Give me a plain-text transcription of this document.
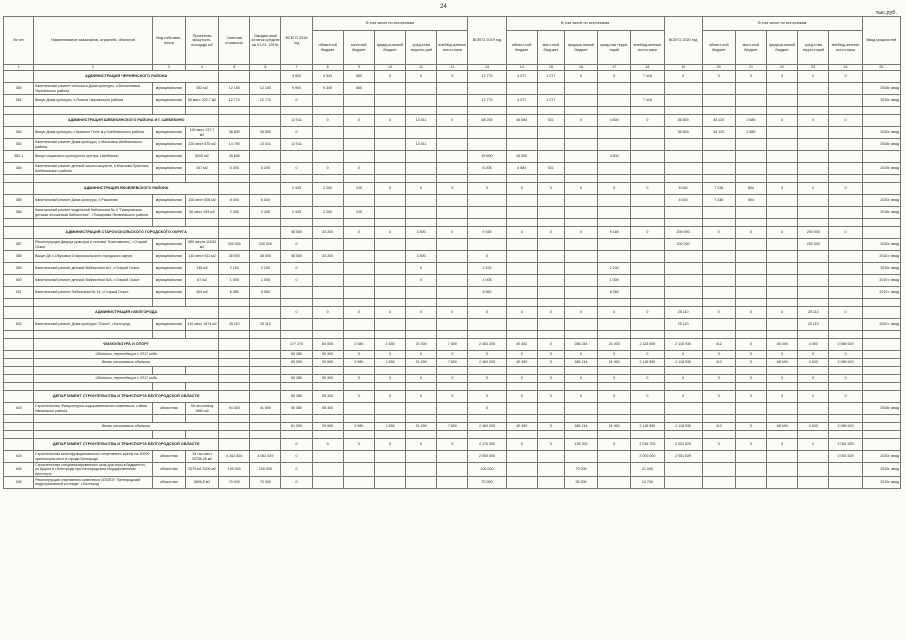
24
тыс.руб.
№ п/п	Наименование заказчиков, отраслей, объектов	Вид собствен-ности	Проектная мощность, площадь м2	Сметная стоимость	Ожидае-мый остаток средств на 01.01. 2019г.	ВСЕГО 2018 год	В том числе по источникам					ВСЕГО 2019 год	В том числе по источникам					ВСЕГО 2020 год	В том числе по источникам					Ввод мощностей
							областной бюджет	местный бюджет	федера-льный бюджет	сред-ства террито-рий	внебюд-жетные источ-ники		област-ной бюджет	мест-ный бюд-жет	федера-льный бюджет	средства терри-торий	внебюд-жетные источ-ники		област-ной бюджет	мест-ный бюджет	федера-льный бюджет	сред-ства терри-торий	внебюд-жетные источ-ники	
1	2	3	4	5	6	7	8	9	10	11	12	13	14	15	16	17	18	19	20	21	22	23	24	25
	АДМИНИСТРАЦИЯ ЧЕРНЯНСКОГО РАЙОНА					9 900	9 340	560	0	0	0	12 770	4 077	1 277	0	0	7 416	0	0	0	0	0	0	
380	Капитальный ремонт сельского Дома культуры, с.Волоконовка Чернянского района	муниципальная	352 м2	12 180	12 180	9 900	9 340	560																2018г. ввод
381	Выкуп Дома культуры, с.Лозное Чернянского района	муниципальная	50 мест 232,7 м2	12 770	12 770	0						12 770	4 077	1 277			7 416							2019г. ввод

	АДМИНИСТРАЦИЯ ШЕБЕКИНСКОГО РАЙОНА И Г. ШЕБЕКИНО					13 011	0	0	0	13 011	0	68 205	45 684	521	0	4 600	0	36 800	34 120	2 680	0	0	0	
382	Выкуп Дома культуры, с.Красное Поле м-р Шебекинского района	муниципальная	100 мест 247,7 м2	36 800	36 800	0												36 800	34 120	2 680				2020г. ввод
383	Капитальный ремонт Дома культуры, с.Масловка Шебекинского района	муниципальная	220 мест 570 м2	14 790	13 011	13 011				13 011														2018г. ввод
383.1	Выкуп социально-культурного центра, г.Шебекино	муниципальная	5000 м2	49 600								49 600	45 000			4 600								
384	Капитальный ремонт детской школы искусств, п.Маслова Пристань Шебекинского района	муниципальная	347 м2	5 205	5 205	0	0	0				5 205	4 684	521										2019г. ввод

	АДМИНИСТРАЦИЯ ЯКОВЛЕВСКОГО РАЙОНА					2 445	2 200	245	0	0	0	0	0	0	0	0	0	8 040	7 236	804	0	0	0	
385	Капитальный ремонт Дома культуры, п.Рыкалово	муниципальная	150 мест 508 м2	8 040	8 040													8 040	7 236	804				2020г. ввод
386	Капитальный ремонт модельной библиотеки № 4 "Гиморовская детская юношеская библиотека", г.Томаровка Яковлевского района	муниципальная	50 мест 153 м2	2 445	2 445	2 445	2 200	245																2018г. ввод

	АДМИНИСТРАЦИЯ СТАРООСКОЛЬСКОГО ГОРОДСКОГО ОКРУГА					38 000	34 200	0	0	3 800	0	9 165	0	0	0	9 165	0	200 000	0	0	0	200 000	0	
387	Реконструкция Дворца культуры и техники "Комсомолец", г.Старый Оскол	муниципальная	880 места 11543 м2	200 000	200 000	0												200 000				200 000		2020г. ввод
388	Выкуп ДК с.Обуховка Старооскольского городского округа	муниципальная	140 мест 611 м2	38 000	38 000	38 000	34 200			3 800		0												2018 г. ввод
389	Капитальный ремонт детской библиотеки №7, г.Старый Оскол	муниципальная	145 м2	2 100	2 100	0				0		2 100				2 100								2019г. ввод
400	Капитальный ремонт детской библиотеки №8, г.Старый Оскол	муниципальная	67 м2	1 005	1 005	0				0		1 005				1 005								2019 г. ввод
421	Капитальный ремонт библиотеки № 14, г.Старый Оскол	муниципальная	404 м2	6 060	6 060							6 060				6 060								2019 г. ввод

	АДМИНИСТРАЦИЯ г.БЕЛГОРОДА					0	0	0	0	0	0	0	0	0	0	0	0	25 110	0	0	0	25 110	0	
402	Капитальный ремонт Дома культуры "Сокол", г.Белгород	муниципальная	410 мест 1674 м2	25 110	25 110													25 110				25 110		2020 г. ввод

	ФИЗКУЛЬТУРА И СПОРТ					177 270	84 055	2 080	1 635	21 000	7 800	2 463 205	40 402	0	286 244	21 000	2 115 559	2 118 930	412	0	48 049	4 000	2 066 929	
	Объекты, переходящие с 2017 года					55 380	55 300	0	0	0	0	0	0	0	0	0	0	0	0	0	0	0	0	
	Вновь начинаемые объекты					60 500	25 065	2 080	1 635	21 000	7 800	2 463 205	40 402	0	286 244	21 000	2 115 559	2 118 930	412	0	48 049	4 000	2 066 929	

	Объекты, переходящие с 2017 года					55 380	55 300	0	0	0	0	0	0	0	0	0	0	0	0	0	0	0	0	

	ДЕПАРТАМЕНТ СТРОИТЕЛЬСТВА И ТРАНСПОРТА БЕЛГОРОДСКОЙ ОБЛАСТИ					55 380	55 300	0	0	0	0	0	0	0	0	0	0	0	0	0	0	0	0	
403	Строительство Физкультурно-оздоровительного комплекса, с.Ивня Ивнянского района	областная	48 чел./смену 1560 м2	94 300	41 800	55 380	55 300					0												2018г. ввод

	Вновь начинаемые объекты					61 500	29 065	2 080	1 635	21 000	7 800	2 463 205	40 402	0	286 244	21 000	2 115 559	2 118 930	412	0	48 049	4 000	2 066 929	

	ДЕПАРТАМЕНТ СТРОИТЕЛЬСТВА И ТРАНСПОРТА БЕЛГОРОДСКОЙ ОБЛАСТИ					0	0	0	0	0	0	2 170 000	0	0	135 200	0	2 035 700	2 051 529	0	0	0	0	2 051 529	
404	Строительство многофункционального спортивного арены на 10000 зрительских мест в городе Белгороде	областная	10 тыс.мест 33755,26 м2	4 262 504	4 051 529	0						2 000 000					2 000 000	2 051 529					2 051 529	2020г. ввод
405	Строительство специализированного зала для игры в бадминтон, ул.Щорса в г.Белгороде при Белгородском государственном институте	областная	3375 м2 3200 м2	100 000	100 000	0						100 000			79 000		21 000							2019г. ввод
406	Реконструкция спортивного комплекса ОГАПОУ "Белгородский индустриальный колледж", г.Белгород	областная	3896,5 м2	70 000	70 000	0						70 000			55 300		14 700							2019г. ввод
